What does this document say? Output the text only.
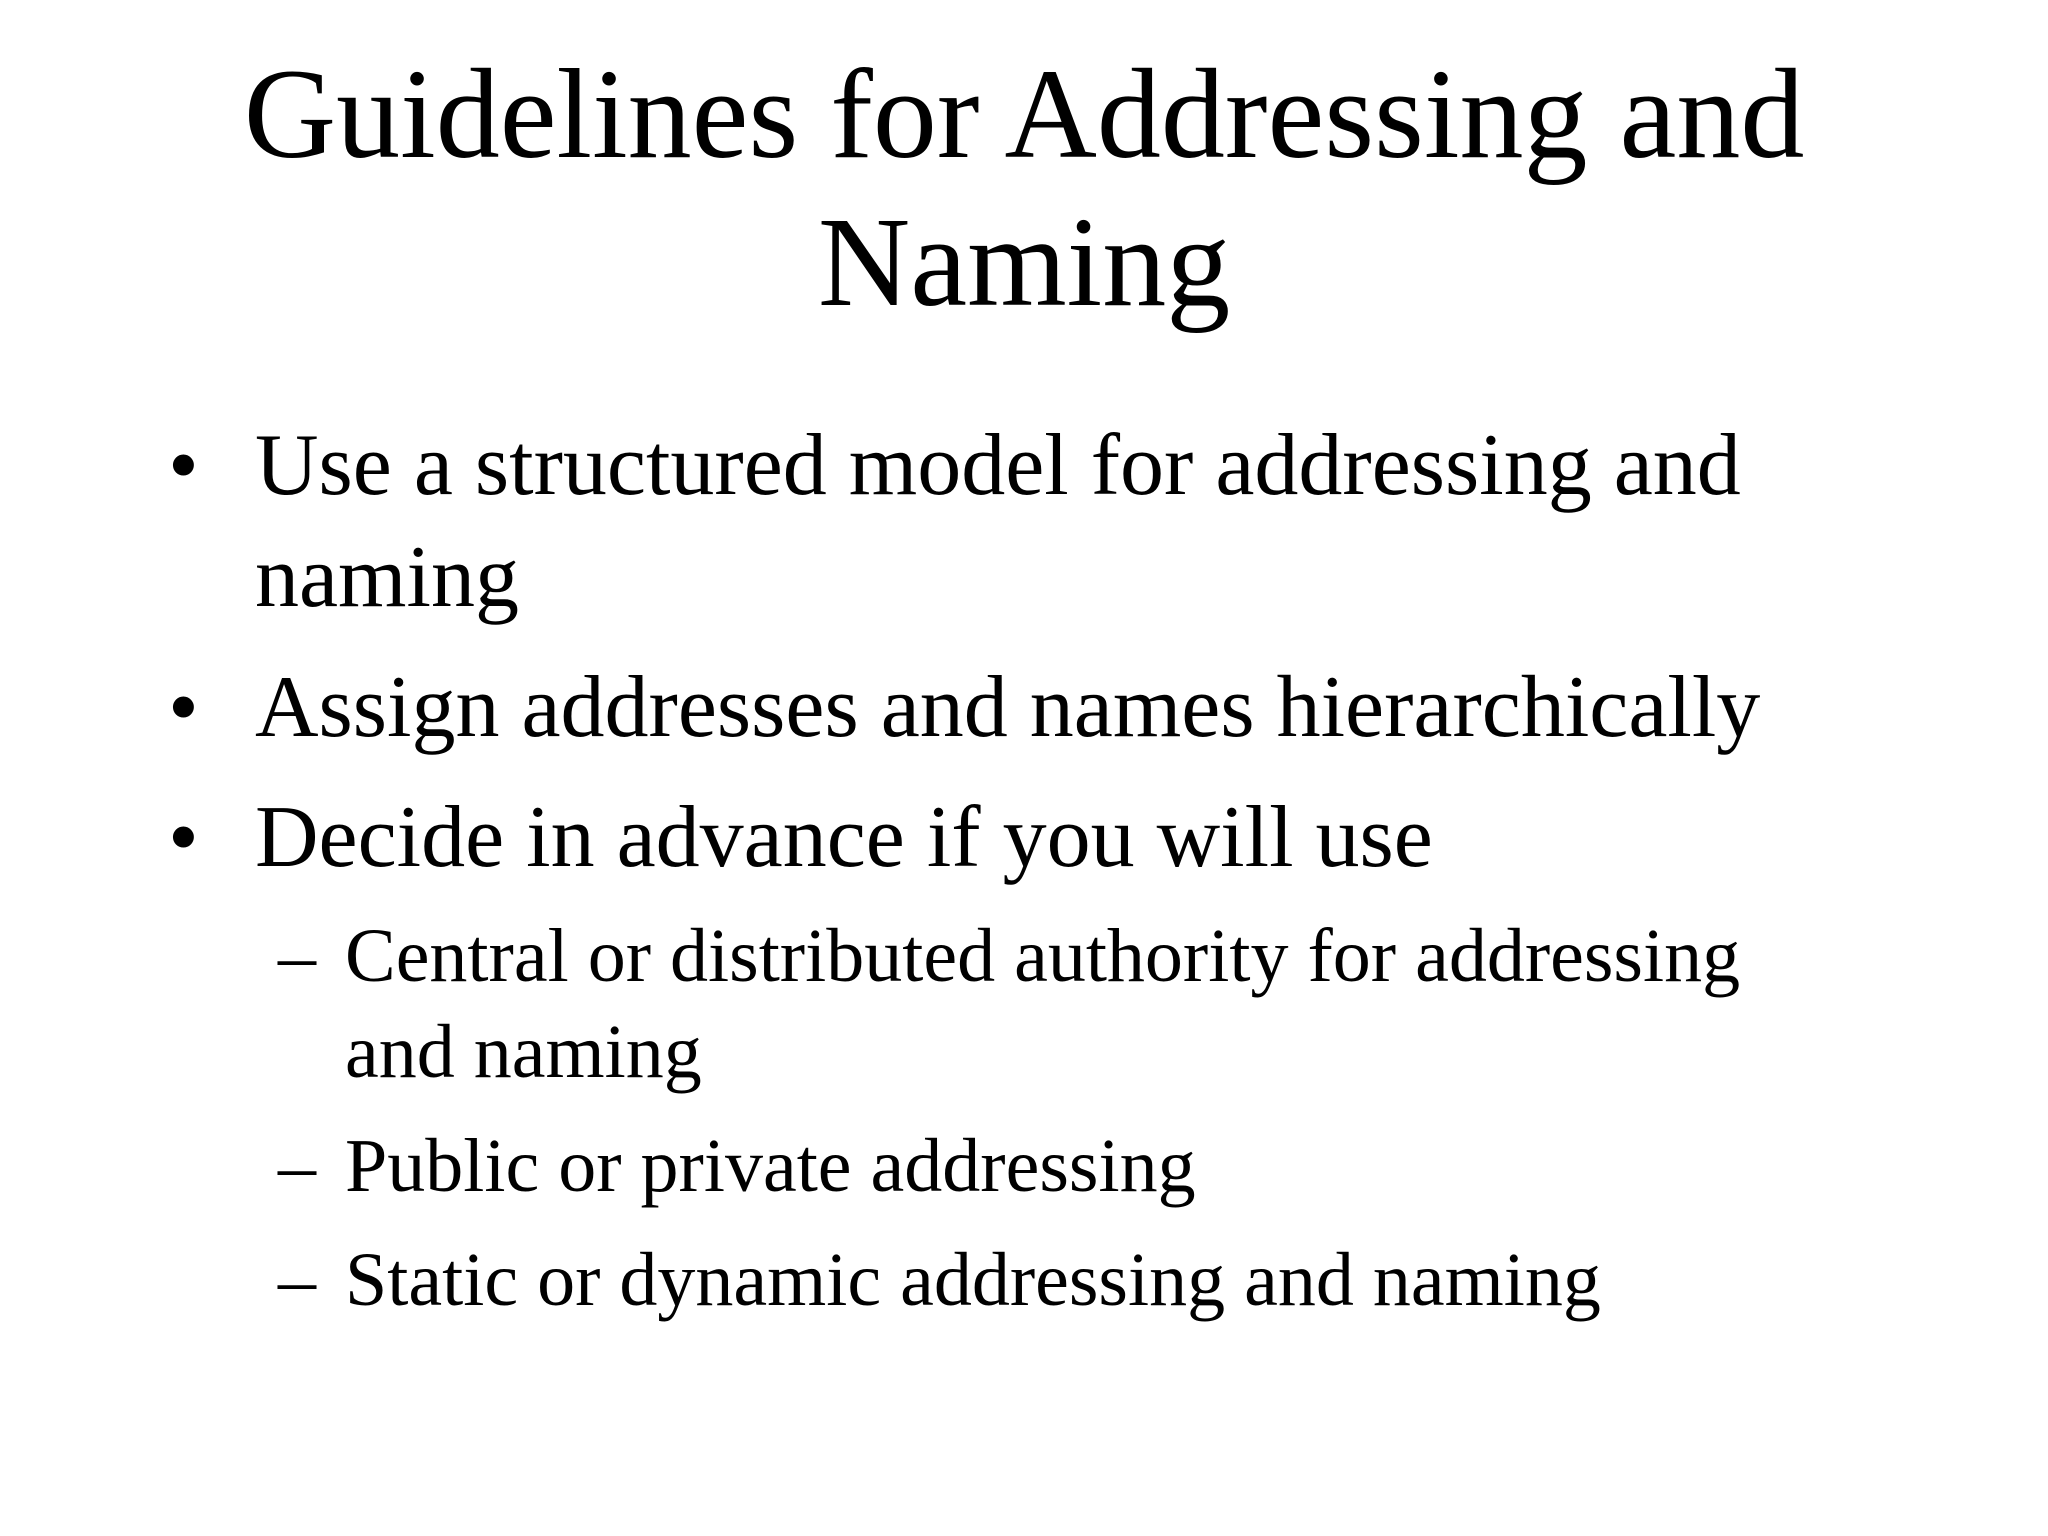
Guidelines for Addressing and
Naming
• Use a structured model for addressing and naming
• Assign addresses and names hierarchically
• Decide in advance if you will use
– Central or distributed authority for addressing and naming
– Public or private addressing
– Static or dynamic addressing and naming
